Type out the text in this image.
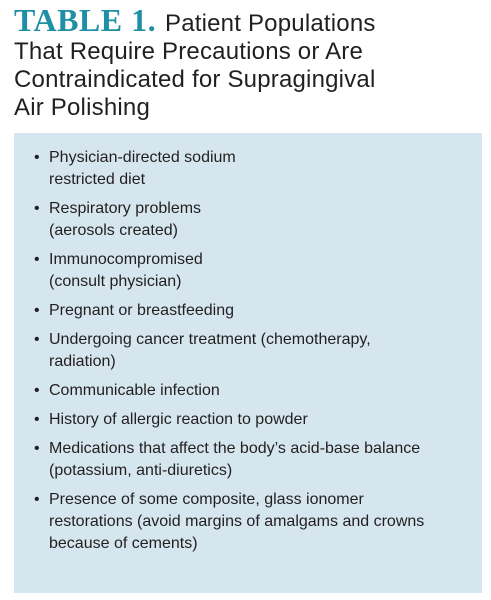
TABLE 1. Patient Populations
That Require Precautions or Are
Contraindicated for Supragingival
Air Polishing
• Physician-directed sodium
restricted diet
• Respiratory problems
(aerosols created)
• Immunocompromised
(consult physician)
• Pregnant or breastfeeding
• Undergoing cancer treatment (chemotherapy,
radiation)
• Communicable infection
• History of allergic reaction to powder
• Medications that affect the body’s acid-base balance
(potassium, anti-diuretics)
• Presence of some composite, glass ionomer
restorations (avoid margins of amalgams and crowns
because of cements)
